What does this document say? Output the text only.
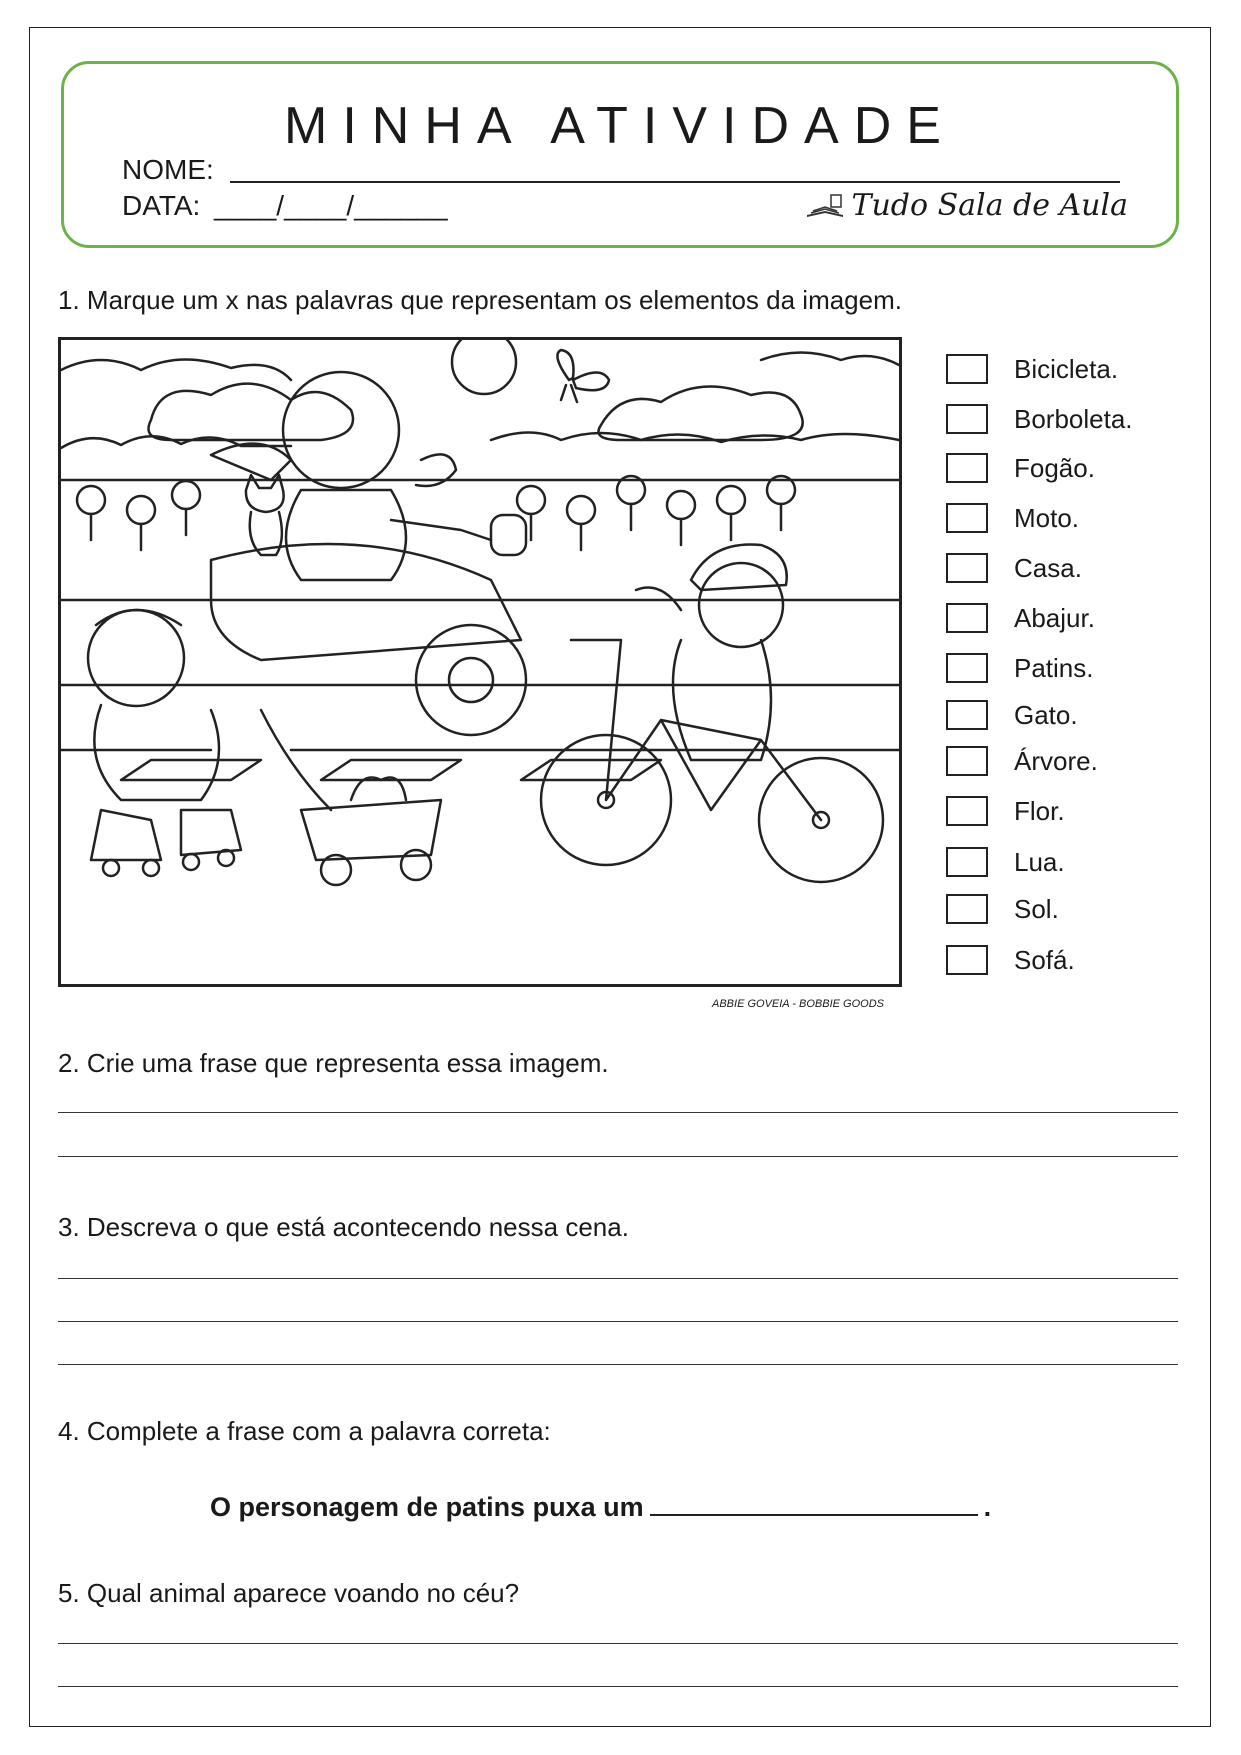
MINHA ATIVIDADE
NOME:
DATA: ____/____/______	Tudo Sala de Aula
1. Marque um x nas palavras que representam os elementos da imagem.
ABBIE GOVEIA - BOBBIE GOODS
Bicicleta.
Borboleta.
Fogão.
Moto.
Casa.
Abajur.
Patins.
Gato.
Árvore.
Flor.
Lua.
Sol.
Sofá.
2. Crie uma frase que representa essa imagem.
3. Descreva o que está acontecendo nessa cena.
4. Complete a frase com a palavra correta:
O personagem de patins puxa um	.
5. Qual animal aparece voando no céu?
